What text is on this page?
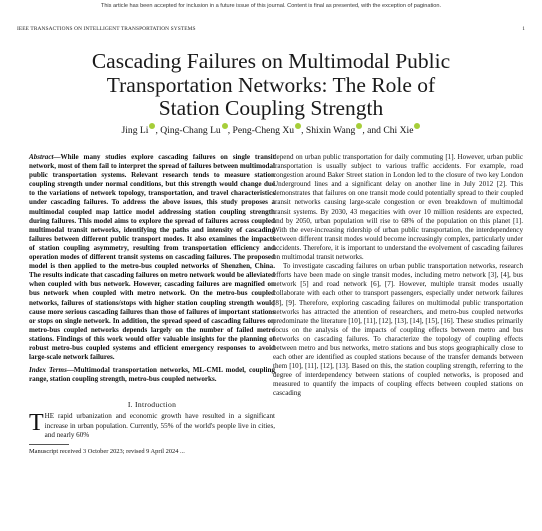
This article has been accepted for inclusion in a future issue of this journal. Content is final as presented, with the exception of pagination.
IEEE TRANSACTIONS ON INTELLIGENT TRANSPORTATION SYSTEMS	1
Cascading Failures on Multimodal Public
Transportation Networks: The Role of
Station Coupling Strength
Jing Li , Qing-Chang Lu , Peng-Cheng Xu , Shixin Wang , and Chi Xie

Abstract—While many studies explore cascading failures on single transit network, most of them fail to interpret the spread of failures between multimodal public transportation systems. Relevant research tends to measure station coupling strength under normal conditions, but this strength would change due to the variations of network topology, transportation, and travel characteristics under cascading failures. To address the above issues, this study proposes a multimodal coupled map lattice model addressing station coupling strength during failures. This model aims to explore the spread of failures across coupled multimodal transit networks, identifying the paths and intensity of cascading failures between different public transport modes. It also examines the impacts of station coupling asymmetry, resulting from transportation efficiency and operation modes of different transit systems on cascading failures. The proposed model is then applied to the metro-bus coupled networks of Shenzhen, China. The results indicate that cascading failures on metro network would be alleviated when coupled with bus network. However, cascading failures are magnified on bus network when coupled with metro network. On the metro-bus coupled networks, failures of stations/stops with higher station coupling strength would cause more serious cascading failures than those of failures of important stations or stops on single network. In addition, the spread speed of cascading failures on metro-bus coupled networks depends largely on the number of failed metro stations. Findings of this work would offer valuable insights for the planning of robust metro-bus coupled systems and efficient emergency responses to avoid large-scale network failures.

Index Terms—Multimodal transportation networks, ML-CML model, coupling range, station coupling strength, metro-bus coupled networks.

I. Introduction

THE rapid urbanization and economic growth have resulted in a significant increase in urban population. Currently, 55% of the world's people live in cities, and nearly 60%

Manuscript received 3 October 2023; revised 9 April 2024 ...

depend on urban public transportation for daily commuting [1]. However, urban public transportation is usually subject to various traffic accidents. For example, road congestion around Baker Street station in London led to the closure of two key London Underground lines and a significant delay on another line in July 2012 [2]. This demonstrates that failures on one transit mode could potentially spread to their coupled transit networks causing large-scale congestion or even breakdown of multimodal transit systems. By 2030, 43 megacities with over 10 million residents are expected, and by 2050, urban population will rise to 68% of the population on this planet [1]. With the ever-increasing ridership of urban public transportation, the interdependency between different transit modes would become increasingly complex, particularly under accidents. Therefore, it is important to understand the evolvement of cascading failures on multimodal transit networks.

To investigate cascading failures on urban public transportation networks, research efforts have been made on single transit modes, including metro network [3], [4], bus network [5] and road network [6], [7]. However, multiple transit modes usually collaborate with each other to transport passengers, especially under network failures [8], [9]. Therefore, exploring cascading failures on multimodal public transportation networks has attracted the attention of researchers, and metro-bus coupled networks predominate the literature [10], [11], [12], [13], [14], [15], [16]. These studies primarily focus on the analysis of the impacts of coupling effects between metro and bus networks on cascading failures. To characterize the topology of coupling effects between metro and bus networks, metro stations and bus stops geographically close to each other are identified as coupled stations because of the transfer demands between them [10], [11], [12], [13]. Based on this, the station coupling strength, referring to the degree of interdependency between stations of coupled networks, is proposed and measured to quantify the impacts of coupling effects between coupled stations on cascading
